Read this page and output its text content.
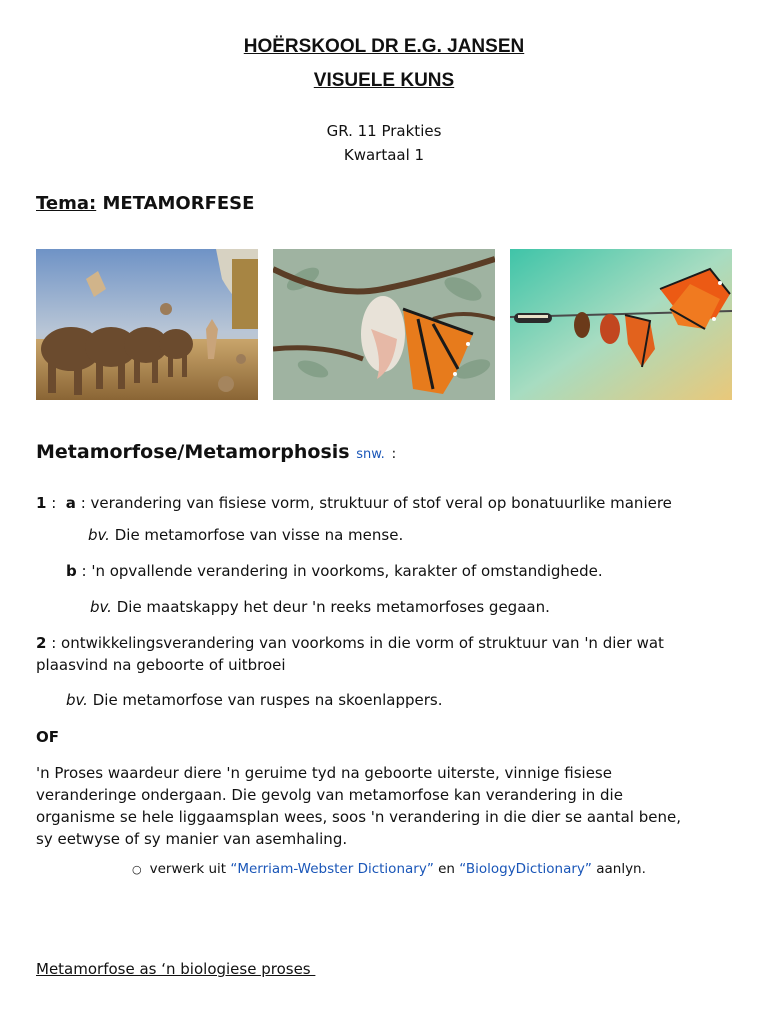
HOËRSKOOL DR E.G. JANSEN
VISUELE KUNS
GR. 11 Prakties
Kwartaal 1
Tema: METAMORFESE
Metamorfose/Metamorphosis snw. :
1 :  a : verandering van fisiese vorm, struktuur of stof veral op bonatuurlike maniere
bv. Die metamorfose van visse na mense.
b : 'n opvallende verandering in voorkoms, karakter of omstandighede.
bv. Die maatskappy het deur 'n reeks metamorfoses gegaan.
2 : ontwikkelingsverandering van voorkoms in die vorm of struktuur van 'n dier wat
plaasvind na geboorte of uitbroei
bv. Die metamorfose van ruspes na skoenlappers.
OF
'n Proses waardeur diere 'n geruime tyd na geboorte uiterste, vinnige fisiese
veranderinge ondergaan. Die gevolg van metamorfose kan verandering in die
organisme se hele liggaamsplan wees, soos 'n verandering in die dier se aantal bene,
sy eetwyse of sy manier van asemhaling.
○ verwerk uit “Merriam-Webster Dictionary” en “BiologyDictionary” aanlyn.
Metamorfose as ‘n biologiese proses
